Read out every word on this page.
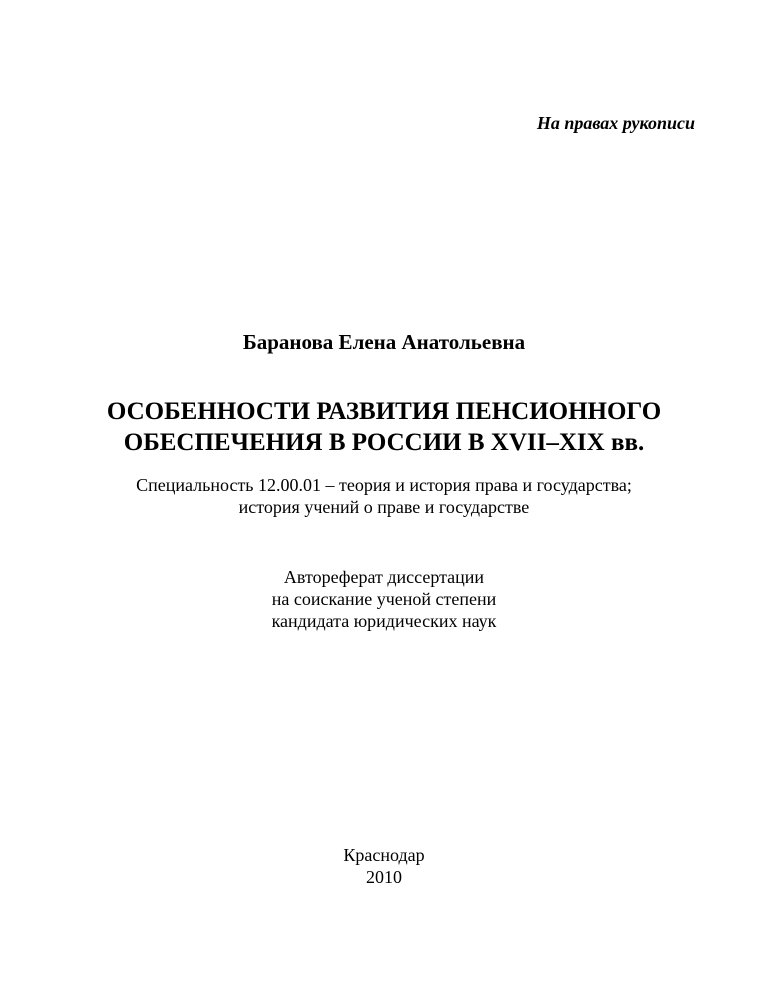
На правах рукописи
Баранова Елена Анатольевна
ОСОБЕННОСТИ РАЗВИТИЯ ПЕНСИОННОГО
ОБЕСПЕЧЕНИЯ В РОССИИ В XVII–XIX вв.
Специальность 12.00.01 – теория и история права и государства;
история учений о праве и государстве
Автореферат диссертации
на соискание ученой степени
кандидата юридических наук
Краснодар
2010
